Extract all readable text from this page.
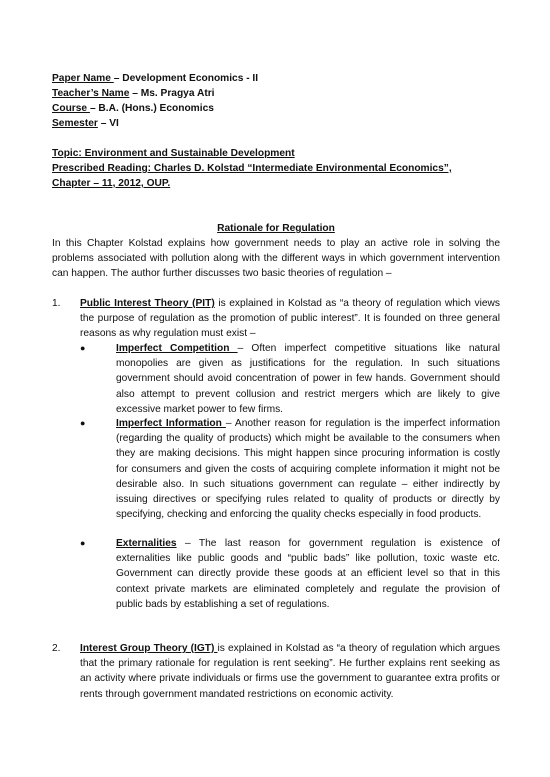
Paper Name – Development Economics - II
Teacher’s Name – Ms. Pragya Atri
Course – B.A. (Hons.) Economics
Semester – VI
Topic: Environment and Sustainable Development
Prescribed Reading: Charles D. Kolstad “Intermediate Environmental Economics”,
Chapter – 11, 2012, OUP.
Rationale for Regulation
In this Chapter Kolstad explains how government needs to play an active role in solving the problems associated with pollution along with the different ways in which government intervention can happen. The author further discusses two basic theories of regulation –
1. Public Interest Theory (PIT) is explained in Kolstad as “a theory of regulation which views the purpose of regulation as the promotion of public interest”. It is founded on three general reasons as why regulation must exist –
●	Imperfect Competition – Often imperfect competitive situations like natural monopolies are given as justifications for the regulation. In such situations government should avoid concentration of power in few hands. Government should also attempt to prevent collusion and restrict mergers which are likely to give excessive market power to few firms.
●	Imperfect Information – Another reason for regulation is the imperfect information (regarding the quality of products) which might be available to the consumers when they are making decisions. This might happen since procuring information is costly for consumers and given the costs of acquiring complete information it might not be desirable also. In such situations government can regulate – either indirectly by issuing directives or specifying rules related to quality of products or directly by specifying, checking and enforcing the quality checks especially in food products.
●	Externalities – The last reason for government regulation is existence of externalities like public goods and “public bads” like pollution, toxic waste etc. Government can directly provide these goods at an efficient level so that in this context private markets are eliminated completely and regulate the provision of public bads by establishing a set of regulations.
2. Interest Group Theory (IGT) is explained in Kolstad as “a theory of regulation which argues that the primary rationale for regulation is rent seeking”. He further explains rent seeking as an activity where private individuals or firms use the government to guarantee extra profits or rents through government mandated restrictions on economic activity.
